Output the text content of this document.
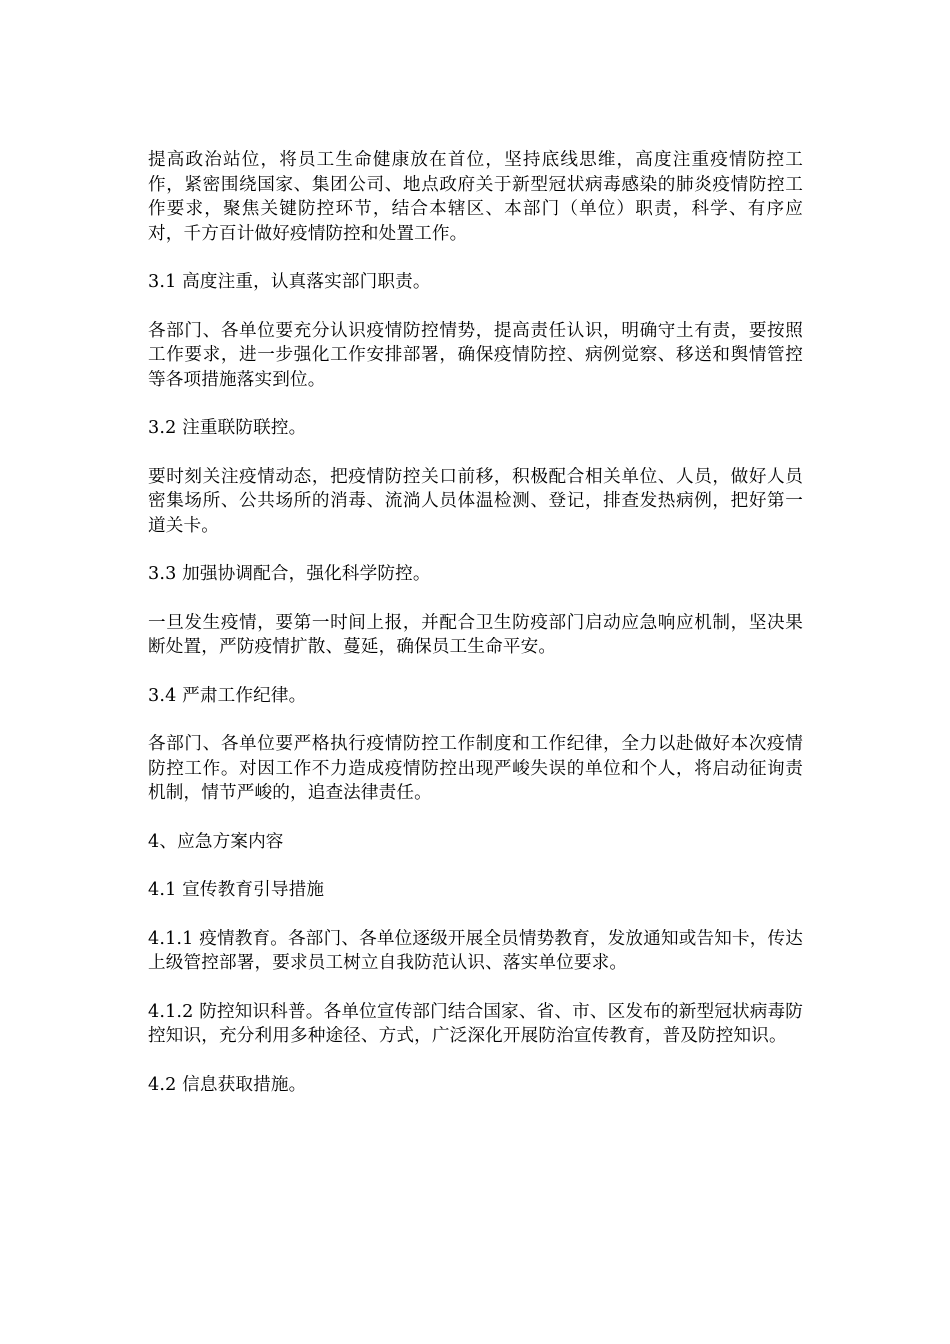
提高政治站位，将员工生命健康放在首位，坚持底线思维，高度注重疫情防控工作，紧密围绕国家、集团公司、地点政府关于新型冠状病毒感染的肺炎疫情防控工作要求，聚焦关键防控环节，结合本辖区、本部门（单位）职责，科学、有序应对，千方百计做好疫情防控和处置工作。

3.1 高度注重，认真落实部门职责。

各部门、各单位要充分认识疫情防控情势，提高责任认识，明确守土有责，要按照工作要求，进一步强化工作安排部署，确保疫情防控、病例觉察、移送和舆情管控等各项措施落实到位。

3.2 注重联防联控。

要时刻关注疫情动态，把疫情防控关口前移，积极配合相关单位、人员，做好人员密集场所、公共场所的消毒、流淌人员体温检测、登记，排查发热病例，把好第一道关卡。

3.3 加强协调配合，强化科学防控。

一旦发生疫情，要第一时间上报，并配合卫生防疫部门启动应急响应机制，坚决果断处置，严防疫情扩散、蔓延，确保员工生命平安。

3.4 严肃工作纪律。

各部门、各单位要严格执行疫情防控工作制度和工作纪律，全力以赴做好本次疫情防控工作。对因工作不力造成疫情防控出现严峻失误的单位和个人，将启动征询责机制，情节严峻的，追查法律责任。

4、应急方案内容

4.1 宣传教育引导措施

4.1.1 疫情教育。各部门、各单位逐级开展全员情势教育，发放通知或告知卡，传达上级管控部署，要求员工树立自我防范认识、落实单位要求。

4.1.2 防控知识科普。各单位宣传部门结合国家、省、市、区发布的新型冠状病毒防控知识，充分利用多种途径、方式，广泛深化开展防治宣传教育，普及防控知识。

4.2 信息获取措施。
